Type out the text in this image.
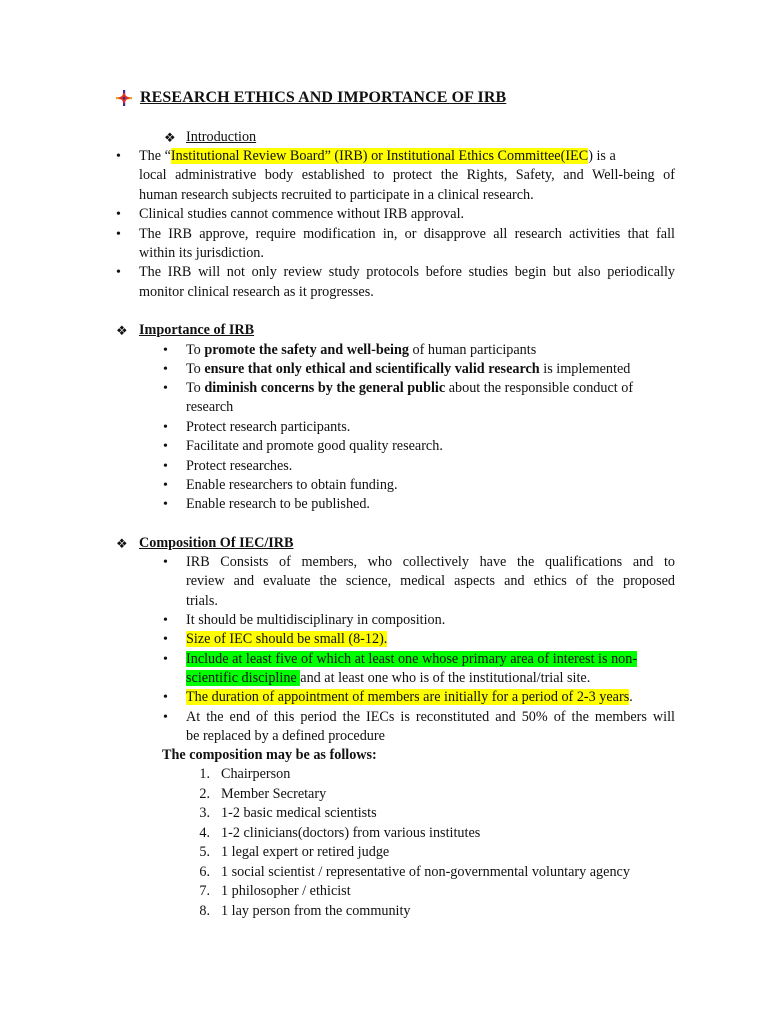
RESEARCH ETHICS AND IMPORTANCE OF IRB
❖ Introduction
• The “Institutional Review Board” (IRB) or Institutional Ethics Committee(IEC) is a
local administrative body established to protect the Rights, Safety, and Well-being of
human research subjects recruited to participate in a clinical research.
• Clinical studies cannot commence without IRB approval.
• The IRB approve, require modification in, or disapprove all research activities that fall
within its jurisdiction.
• The IRB will not only review study protocols before studies begin but also periodically
monitor clinical research as it progresses.
❖ Importance of IRB
• To promote the safety and well-being of human participants
• To ensure that only ethical and scientifically valid research is implemented
• To diminish concerns by the general public about the responsible conduct of
research
• Protect research participants.
• Facilitate and promote good quality research.
• Protect researches.
• Enable researchers to obtain funding.
• Enable research to be published.
❖ Composition Of IEC/IRB
• IRB Consists of members, who collectively have the qualifications and to
review and evaluate the science, medical aspects and ethics of the proposed
trials.
• It should be multidisciplinary in composition.
• Size of IEC should be small (8-12).
• Include at least five of which at least one whose primary area of interest is non-
scientific discipline and at least one who is of the institutional/trial site.
• The duration of appointment of members are initially for a period of 2-3 years.
• At the end of this period the IECs is reconstituted and 50% of the members will
be replaced by a defined procedure
The composition may be as follows:
1. Chairperson
2. Member Secretary
3. 1-2 basic medical scientists
4. 1-2 clinicians(doctors) from various institutes
5. 1 legal expert or retired judge
6. 1 social scientist / representative of non-governmental voluntary agency
7. 1 philosopher / ethicist
8. 1 lay person from the community
